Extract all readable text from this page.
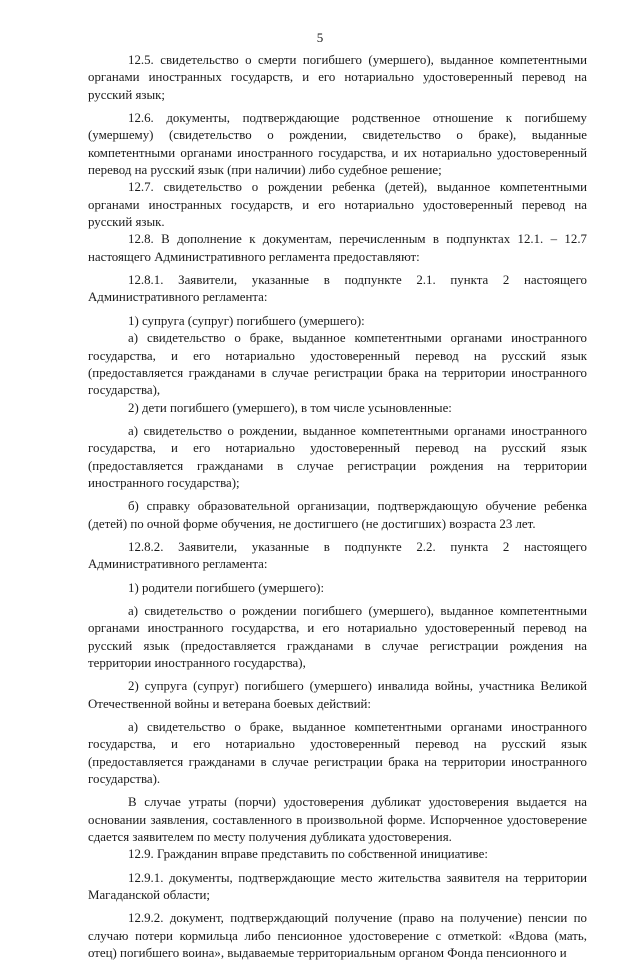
5

12.5. свидетельство о смерти погибшего (умершего), выданное компетентными органами иностранных государств, и его нотариально удостоверенный перевод на русский язык;

12.6. документы, подтверждающие родственное отношение к погибшему (умершему) (свидетельство о рождении, свидетельство о браке), выданные компетентными органами иностранного государства, и их нотариально удостоверенный перевод на русский язык (при наличии) либо судебное решение;

12.7. свидетельство о рождении ребенка (детей), выданное компетентными органами иностранных государств, и его нотариально удостоверенный перевод на русский язык.

12.8. В дополнение к документам, перечисленным в подпунктах 12.1. – 12.7 настоящего Административного регламента предоставляют:

12.8.1. Заявители, указанные в подпункте 2.1. пункта 2 настоящего Административного регламента:

1) супруга (супруг) погибшего (умершего):

а) свидетельство о браке, выданное компетентными органами иностранного государства, и его нотариально удостоверенный перевод на русский язык (предоставляется гражданами в случае регистрации брака на территории иностранного государства),

2) дети погибшего (умершего), в том числе усыновленные:

а) свидетельство о рождении, выданное компетентными органами иностранного государства, и его нотариально удостоверенный перевод на русский язык (предоставляется гражданами в случае регистрации рождения на территории иностранного государства);

б) справку образовательной организации, подтверждающую обучение ребенка (детей) по очной форме обучения, не достигшего (не достигших) возраста 23 лет.

12.8.2. Заявители, указанные в подпункте 2.2. пункта 2 настоящего Административного регламента:

1) родители погибшего (умершего):

а) свидетельство о рождении погибшего (умершего), выданное компетентными органами иностранного государства, и его нотариально удостоверенный перевод на русский язык (предоставляется гражданами в случае регистрации рождения на территории иностранного государства),

2) супруга (супруг) погибшего (умершего) инвалида войны, участника Великой Отечественной войны и ветерана боевых действий:

а) свидетельство о браке, выданное компетентными органами иностранного государства, и его нотариально удостоверенный перевод на русский язык (предоставляется гражданами в случае регистрации брака на территории иностранного государства).

В случае утраты (порчи) удостоверения дубликат удостоверения выдается на основании заявления, составленного в произвольной форме. Испорченное удостоверение сдается заявителем по месту получения дубликата удостоверения.

12.9. Гражданин вправе представить по собственной инициативе:

12.9.1. документы, подтверждающие место жительства заявителя на территории Магаданской области;

12.9.2. документ, подтверждающий получение (право на получение) пенсии по случаю потери кормильца либо пенсионное удостоверение с отметкой: «Вдова (мать, отец) погибшего воина», выдаваемые территориальным органом Фонда пенсионного и
